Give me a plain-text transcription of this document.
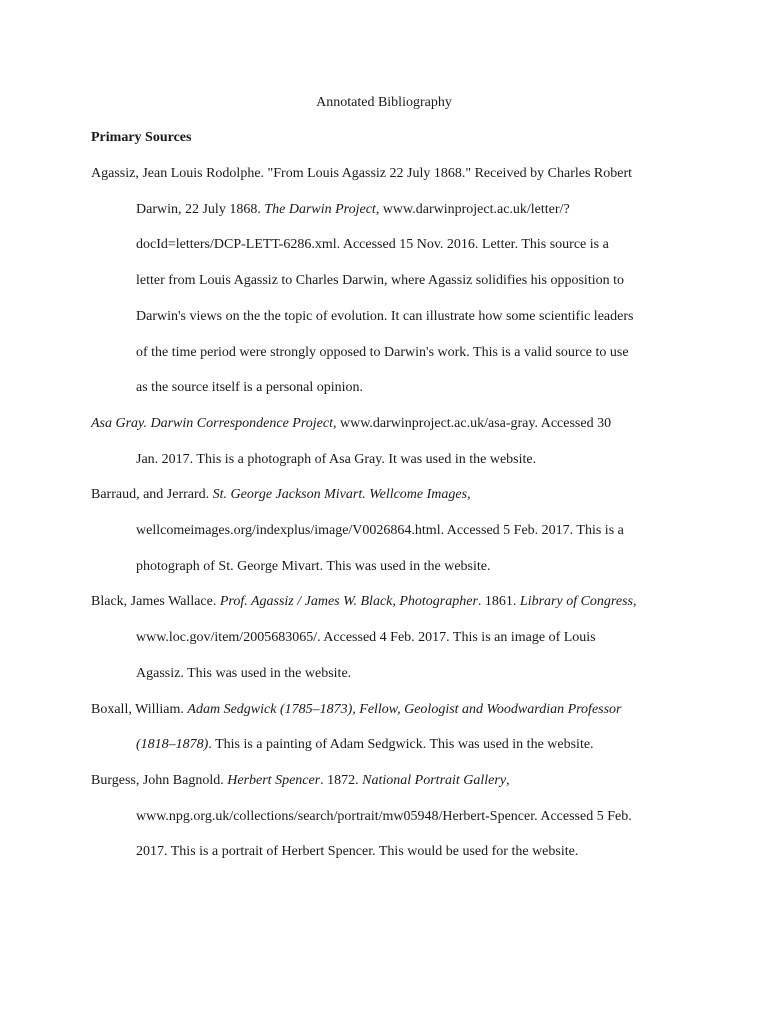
Annotated Bibliography
Primary Sources
Agassiz, Jean Louis Rodolphe. "From Louis Agassiz 22 July 1868." Received by Charles Robert
Darwin, 22 July 1868. The Darwin Project, www.darwinproject.ac.uk/letter/?
docId=letters/DCP-LETT-6286.xml. Accessed 15 Nov. 2016. Letter. This source is a
letter from Louis Agassiz to Charles Darwin, where Agassiz solidifies his opposition to
Darwin's views on the the topic of evolution. It can illustrate how some scientific leaders
of the time period were strongly opposed to Darwin's work. This is a valid source to use
as the source itself is a personal opinion.
Asa Gray. Darwin Correspondence Project, www.darwinproject.ac.uk/asa-gray. Accessed 30
Jan. 2017. This is a photograph of Asa Gray. It was used in the website.
Barraud, and Jerrard. St. George Jackson Mivart. Wellcome Images,
wellcomeimages.org/indexplus/image/V0026864.html. Accessed 5 Feb. 2017. This is a
photograph of St. George Mivart. This was used in the website.
Black, James Wallace. Prof. Agassiz / James W. Black, Photographer. 1861. Library of Congress,
www.loc.gov/item/2005683065/. Accessed 4 Feb. 2017. This is an image of Louis
Agassiz. This was used in the website.
Boxall, William. Adam Sedgwick (1785–1873), Fellow, Geologist and Woodwardian Professor
(1818–1878). This is a painting of Adam Sedgwick. This was used in the website.
Burgess, John Bagnold. Herbert Spencer. 1872. National Portrait Gallery,
www.npg.org.uk/collections/search/portrait/mw05948/Herbert-Spencer. Accessed 5 Feb.
2017. This is a portrait of Herbert Spencer. This would be used for the website.
